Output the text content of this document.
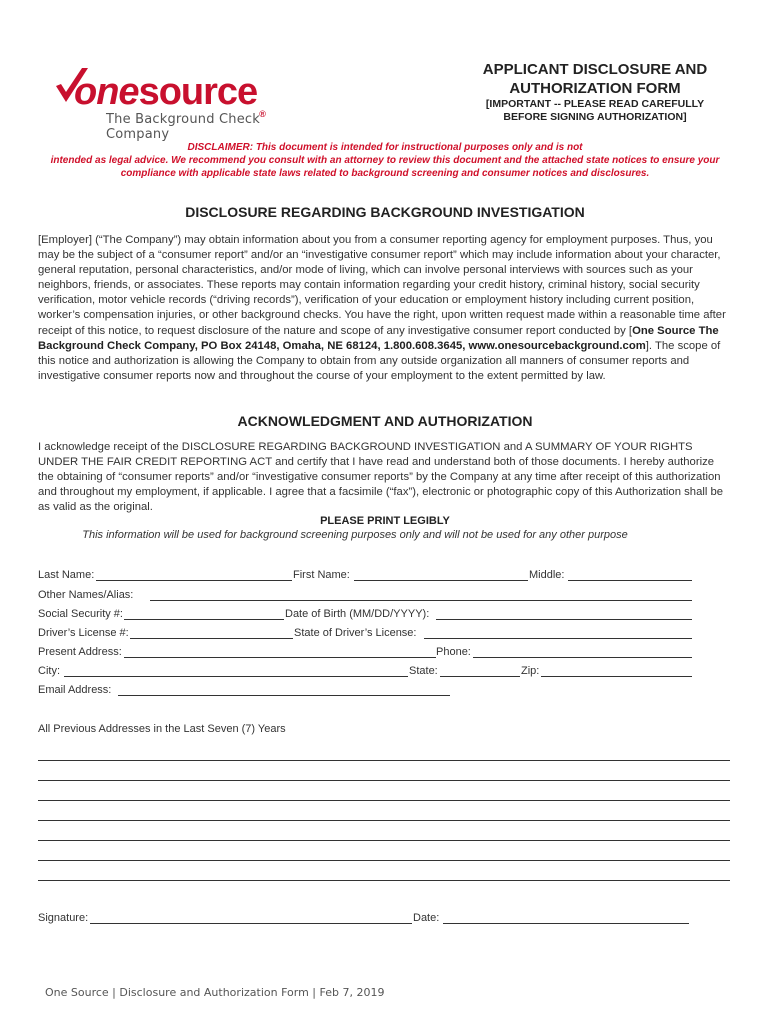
onesource®
The Background Check Company
APPLICANT DISCLOSURE AND
AUTHORIZATION FORM
[IMPORTANT -- PLEASE READ CAREFULLY
BEFORE SIGNING AUTHORIZATION]
DISCLAIMER: This document is intended for instructional purposes only and is not
intended as legal advice. We recommend you consult with an attorney to review this document and the attached state notices to ensure your
compliance with applicable state laws related to background screening and consumer notices and disclosures.
DISCLOSURE REGARDING BACKGROUND INVESTIGATION

[Employer] (“The Company”) may obtain information about you from a consumer reporting agency for employment purposes. Thus, you may be the subject of a “consumer report” and/or an “investigative consumer report” which may include information about your character, general reputation, personal characteristics, and/or mode of living, which can involve personal interviews with sources such as your neighbors, friends, or associates. These reports may contain information regarding your credit history, criminal history, social security verification, motor vehicle records (“driving records”), verification of your education or employment history including current position, worker’s compensation injuries, or other background checks. You have the right, upon written request made within a reasonable time after receipt of this notice, to request disclosure of the nature and scope of any investigative consumer report conducted by [One Source The Background Check Company, PO Box 24148, Omaha, NE 68124, 1.800.608.3645, www.onesourcebackground.com]. The scope of this notice and authorization is allowing the Company to obtain from any outside organization all manners of consumer reports and investigative consumer reports now and throughout the course of your employment to the extent permitted by law.

ACKNOWLEDGMENT AND AUTHORIZATION

I acknowledge receipt of the DISCLOSURE REGARDING BACKGROUND INVESTIGATION and A SUMMARY OF YOUR RIGHTS UNDER THE FAIR CREDIT REPORTING ACT and certify that I have read and understand both of those documents. I hereby authorize the obtaining of “consumer reports” and/or “investigative consumer reports” by the Company at any time after receipt of this authorization and throughout my employment, if applicable. I agree that a facsimile (“fax”), electronic or photographic copy of this Authorization shall be as valid as the original.

PLEASE PRINT LEGIBLY
This information will be used for background screening purposes only and will not be used for any other purpose
Last Name:	First Name:	Middle:
Other Names/Alias:
Social Security #:	Date of Birth (MM/DD/YYYY):
Driver’s License #:	State of Driver’s License:
Present Address:	Phone:
City:	State:	Zip:
Email Address:
All Previous Addresses in the Last Seven (7) Years
Signature:	Date:
One Source | Disclosure and Authorization Form | Feb 7, 2019
